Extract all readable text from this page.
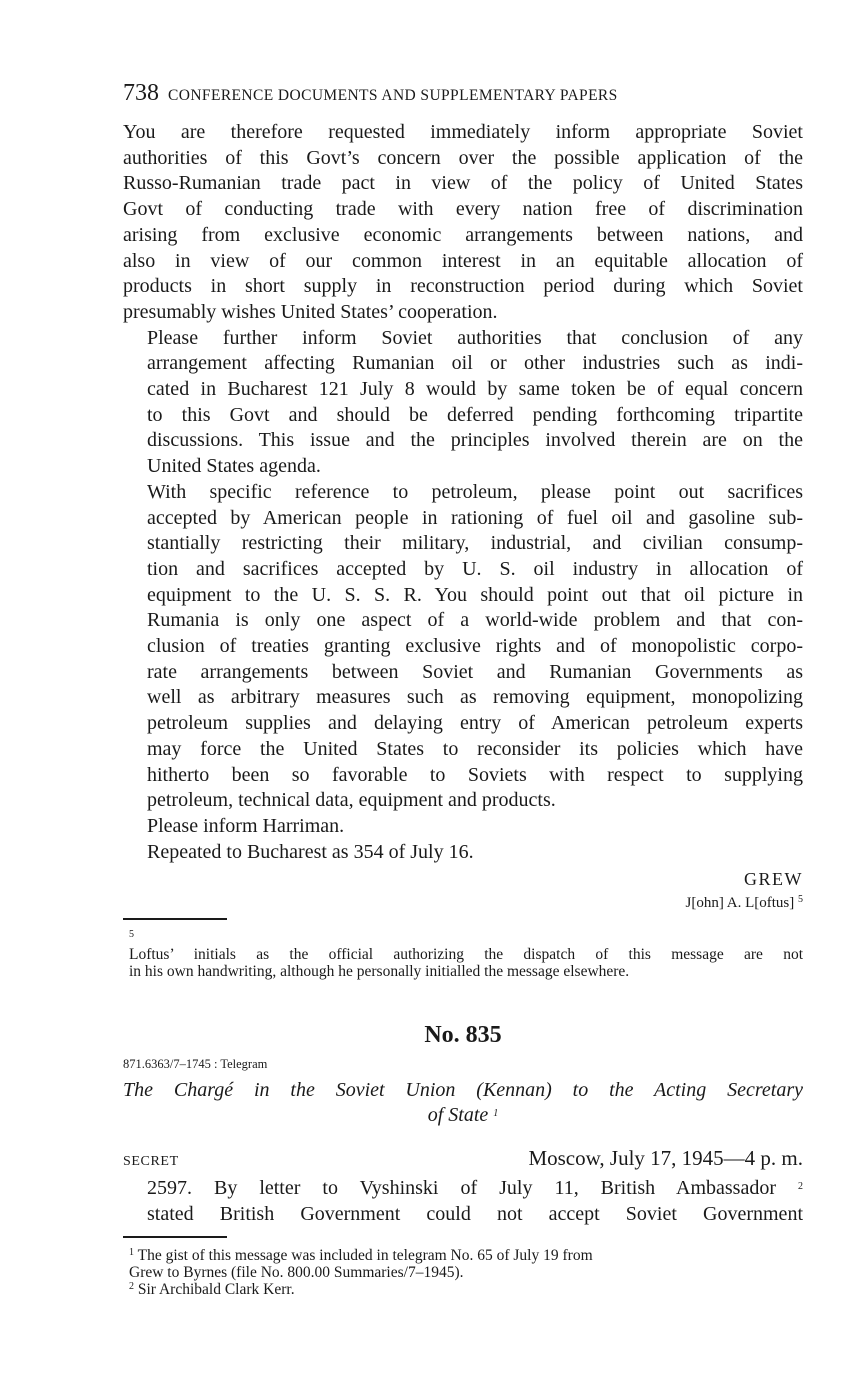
738 CONFERENCE DOCUMENTS AND SUPPLEMENTARY PAPERS

You are therefore requested immediately inform appropriate Soviet
authorities of this Govt’s concern over the possible application of the
Russo-Rumanian trade pact in view of the policy of United States
Govt of conducting trade with every nation free of discrimination
arising from exclusive economic arrangements between nations, and
also in view of our common interest in an equitable allocation of
products in short supply in reconstruction period during which Soviet
presumably wishes United States’ cooperation.

Please further inform Soviet authorities that conclusion of any
arrangement affecting Rumanian oil or other industries such as indi-
cated in Bucharest 121 July 8 would by same token be of equal concern
to this Govt and should be deferred pending forthcoming tripartite
discussions. This issue and the principles involved therein are on the
United States agenda.

With specific reference to petroleum, please point out sacrifices
accepted by American people in rationing of fuel oil and gasoline sub-
stantially restricting their military, industrial, and civilian consump-
tion and sacrifices accepted by U. S. oil industry in allocation of
equipment to the U. S. S. R. You should point out that oil picture in
Rumania is only one aspect of a world-wide problem and that con-
clusion of treaties granting exclusive rights and of monopolistic corpo-
rate arrangements between Soviet and Rumanian Governments as
well as arbitrary measures such as removing equipment, monopolizing
petroleum supplies and delaying entry of American petroleum experts
may force the United States to reconsider its policies which have
hitherto been so favorable to Soviets with respect to supplying
petroleum, technical data, equipment and products.

Please inform Harriman.

Repeated to Bucharest as 354 of July 16.

GREW
J[ohn] A. L[oftus] $^5$

$^5$
Loftus’ initials as the official authorizing the dispatch of this message are not
in his own handwriting, although he personally initialled the message elsewhere.

No. 835
871.6363/7–1745 : Telegram
The Chargé in the Soviet Union (Kennan) to the Acting Secretary
of State $^1$
SECRET	Moscow, July 17, 1945—4 p. m.

2597. By letter to Vyshinski of July 11, British Ambassador $^2$
stated British Government could not accept Soviet Government

$^1$ The gist of this message was included in telegram No. 65 of July 19 from
Grew to Byrnes (file No. 800.00 Summaries/7–1945).

$^2$ Sir Archibald Clark Kerr.
